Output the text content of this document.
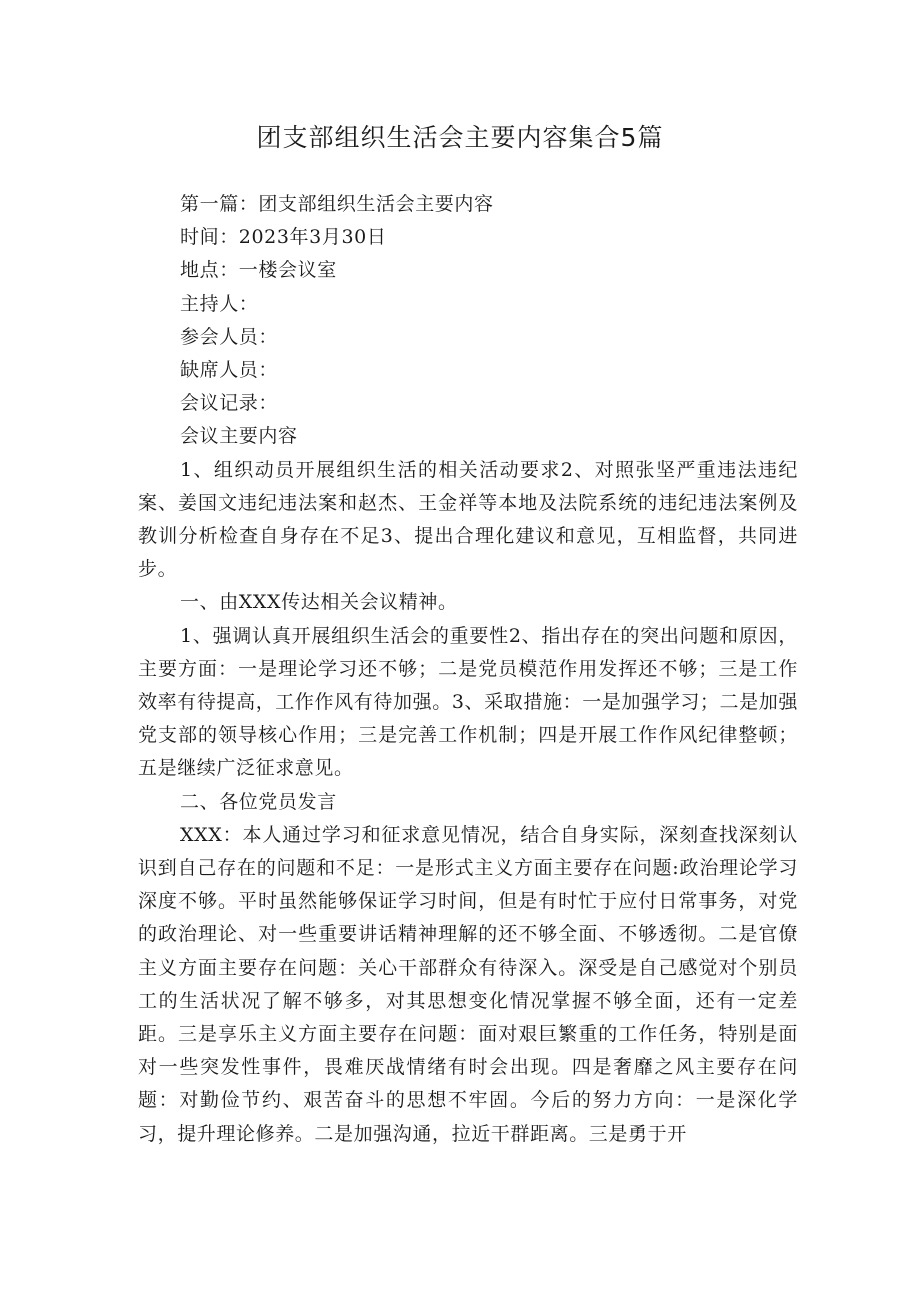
团支部组织生活会主要内容集合5篇

第一篇：团支部组织生活会主要内容

时间：2023年3月30日

地点：一楼会议室

主持人：

参会人员：

缺席人员：

会议记录：

会议主要内容

1、组织动员开展组织生活的相关活动要求2、对照张坚严重违法违纪案、姜国文违纪违法案和赵杰、王金祥等本地及法院系统的违纪违法案例及教训分析检查自身存在不足3、提出合理化建议和意见，互相监督，共同进步。

一、由XXX传达相关会议精神。

1、强调认真开展组织生活会的重要性2、指出存在的突出问题和原因，主要方面：一是理论学习还不够；二是党员模范作用发挥还不够；三是工作效率有待提高，工作作风有待加强。3、采取措施：一是加强学习；二是加强党支部的领导核心作用；三是完善工作机制；四是开展工作作风纪律整顿；五是继续广泛征求意见。

二、各位党员发言

XXX：本人通过学习和征求意见情况，结合自身实际，深刻查找深刻认识到自己存在的问题和不足：一是形式主义方面主要存在问题:政治理论学习深度不够。平时虽然能够保证学习时间，但是有时忙于应付日常事务，对党的政治理论、对一些重要讲话精神理解的还不够全面、不够透彻。二是官僚主义方面主要存在问题：关心干部群众有待深入。深受是自己感觉对个别员工的生活状况了解不够多，对其思想变化情况掌握不够全面，还有一定差距。三是享乐主义方面主要存在问题：面对艰巨繁重的工作任务，特别是面对一些突发性事件，畏难厌战情绪有时会出现。四是奢靡之风主要存在问题：对勤俭节约、艰苦奋斗的思想不牢固。今后的努力方向：一是深化学习，提升理论修养。二是加强沟通，拉近干群距离。三是勇于开
